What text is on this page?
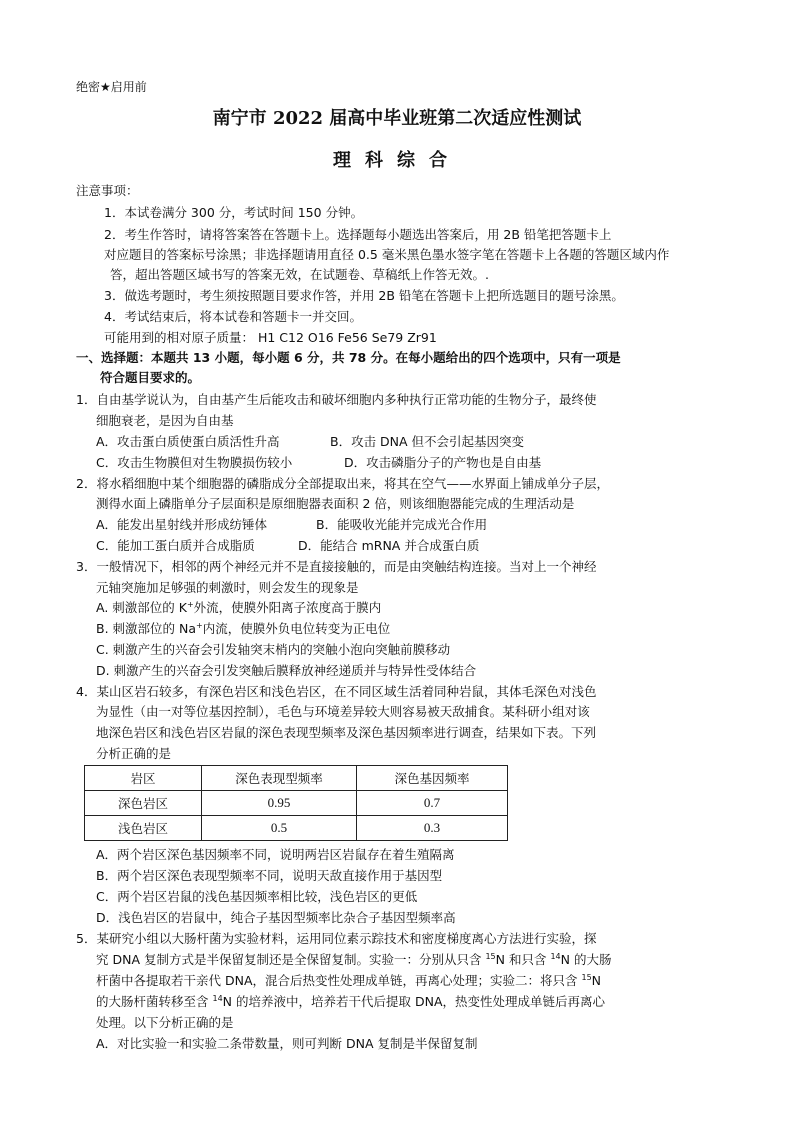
绝密★启用前
南宁市 2022 届高中毕业班第二次适应性测试
理科综合
注意事项：
1．本试卷满分 300 分，考试时间 150 分钟。
2．考生作答时，请将答案答在答题卡上。选择题每小题选出答案后，用 2B 铅笔把答题卡上
对应题目的答案标号涂黑；非选择题请用直径 0.5 毫米黑色墨水签字笔在答题卡上各题的答题区域内作
答，超出答题区域书写的答案无效，在试题卷、草稿纸上作答无效。.
3．做选考题时，考生须按照题目要求作答，并用 2B 铅笔在答题卡上把所选题目的题号涂黑。
4．考试结束后，将本试卷和答题卡一并交回。
可能用到的相对原子质量： H1 C12 O16 Fe56 Se79 Zr91
一、选择题：本题共 13 小题，每小题 6 分，共 78 分。在每小题给出的四个选项中，只有一项是
符合题目要求的。
1．自由基学说认为，自由基产生后能攻击和破坏细胞内多种执行正常功能的生物分子，最终使
细胞衰老，是因为自由基
A．攻击蛋白质使蛋白质活性升高	B．攻击 DNA 但不会引起基因突变
C．攻击生物膜但对生物膜损伤较小	D．攻击磷脂分子的产物也是自由基
2．将水稻细胞中某个细胞器的磷脂成分全部提取出来，将其在空气——水界面上铺成单分子层，
测得水面上磷脂单分子层面积是原细胞器表面积 2 倍，则该细胞器能完成的生理活动是
A．能发出星射线并形成纺锤体	B．能吸收光能并完成光合作用
C．能加工蛋白质并合成脂质	D．能结合 mRNA 并合成蛋白质
3．一般情况下，相邻的两个神经元并不是直接接触的，而是由突触结构连接。当对上一个神经
元轴突施加足够强的刺激时，则会发生的现象是
A. 刺激部位的 K+外流，使膜外阳离子浓度高于膜内
B. 刺激部位的 Na+内流，使膜外负电位转变为正电位
C. 刺激产生的兴奋会引发轴突末梢内的突触小泡向突触前膜移动
D. 刺激产生的兴奋会引发突触后膜释放神经递质并与特异性受体结合
4．某山区岩石较多，有深色岩区和浅色岩区，在不同区域生活着同种岩鼠，其体毛深色对浅色
为显性（由一对等位基因控制），毛色与环境差异较大则容易被天敌捕食。某科研小组对该
地深色岩区和浅色岩区岩鼠的深色表现型频率及深色基因频率进行调查，结果如下表。下列
分析正确的是
岩区	深色表现型频率	深色基因频率
深色岩区	0.95	0.7
浅色岩区	0.5	0.3
A．两个岩区深色基因频率不同，说明两岩区岩鼠存在着生殖隔离
B．两个岩区深色表现型频率不同，说明天敌直接作用于基因型
C．两个岩区岩鼠的浅色基因频率相比较，浅色岩区的更低
D．浅色岩区的岩鼠中，纯合子基因型频率比杂合子基因型频率高
5．某研究小组以大肠杆菌为实验材料，运用同位素示踪技术和密度梯度离心方法进行实验，探
究 DNA 复制方式是半保留复制还是全保留复制。实验一：分别从只含 $^{15}$N 和只含 $^{14}$N 的大肠
杆菌中各提取若干亲代 DNA，混合后热变性处理成单链，再离心处理；实验二：将只含 $^{15}$N
的大肠杆菌转移至含 $^{14}$N 的培养液中，培养若干代后提取 DNA，热变性处理成单链后再离心
处理。以下分析正确的是
A．对比实验一和实验二条带数量，则可判断 DNA 复制是半保留复制
